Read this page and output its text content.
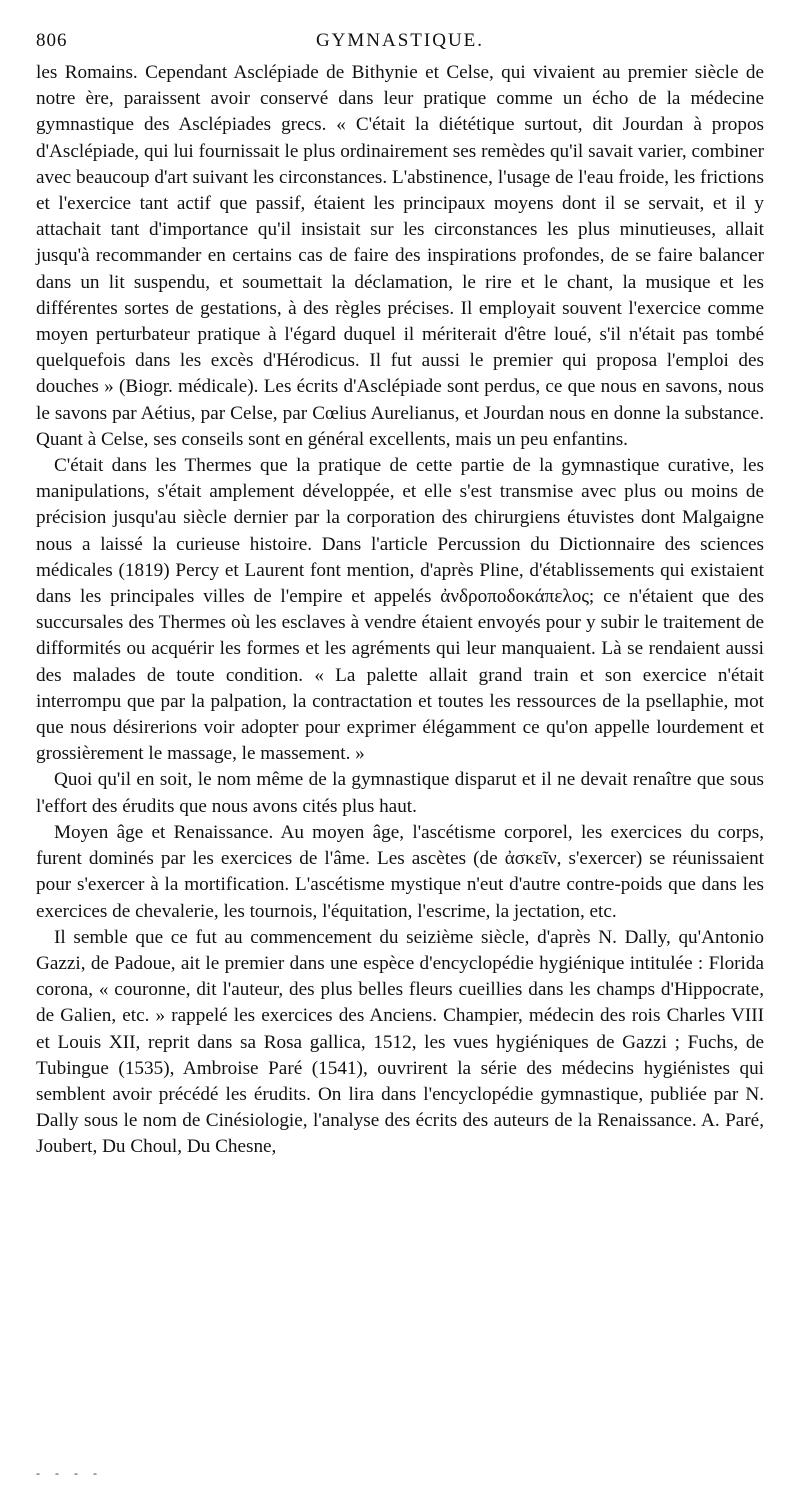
806	GYMNASTIQUE.

les Romains. Cependant Asclépiade de Bithynie et Celse, qui vivaient au premier siècle de notre ère, paraissent avoir conservé dans leur pratique comme un écho de la médecine gymnastique des Asclépiades grecs. « C'était la diététique surtout, dit Jourdan à propos d'Asclépiade, qui lui fournissait le plus ordinairement ses remèdes qu'il savait varier, combiner avec beaucoup d'art suivant les circonstances. L'abstinence, l'usage de l'eau froide, les frictions et l'exercice tant actif que passif, étaient les principaux moyens dont il se servait, et il y attachait tant d'importance qu'il insistait sur les circonstances les plus minutieuses, allait jusqu'à recommander en certains cas de faire des inspirations profondes, de se faire balancer dans un lit suspendu, et soumettait la déclamation, le rire et le chant, la musique et les différentes sortes de gestations, à des règles précises. Il employait souvent l'exercice comme moyen perturbateur pratique à l'égard duquel il mériterait d'être loué, s'il n'était pas tombé quelquefois dans les excès d'Hérodicus. Il fut aussi le premier qui proposa l'emploi des douches » (Biogr. médicale). Les écrits d'Asclépiade sont perdus, ce que nous en savons, nous le savons par Aétius, par Celse, par Cœlius Aurelianus, et Jourdan nous en donne la substance. Quant à Celse, ses conseils sont en général excellents, mais un peu enfantins.

C'était dans les Thermes que la pratique de cette partie de la gymnastique curative, les manipulations, s'était amplement développée, et elle s'est transmise avec plus ou moins de précision jusqu'au siècle dernier par la corporation des chirurgiens étuvistes dont Malgaigne nous a laissé la curieuse histoire. Dans l'article Percussion du Dictionnaire des sciences médicales (1819) Percy et Laurent font mention, d'après Pline, d'établissements qui existaient dans les principales villes de l'empire et appelés ἀνδροποδοκάπελος; ce n'étaient que des succursales des Thermes où les esclaves à vendre étaient envoyés pour y subir le traitement de difformités ou acquérir les formes et les agréments qui leur manquaient. Là se rendaient aussi des malades de toute condition. « La palette allait grand train et son exercice n'était interrompu que par la palpation, la contractation et toutes les ressources de la psellaphie, mot que nous désirerions voir adopter pour exprimer élégamment ce qu'on appelle lourdement et grossièrement le massage, le massement. »

Quoi qu'il en soit, le nom même de la gymnastique disparut et il ne devait renaître que sous l'effort des érudits que nous avons cités plus haut.

Moyen âge et Renaissance. Au moyen âge, l'ascétisme corporel, les exercices du corps, furent dominés par les exercices de l'âme. Les ascètes (de ἀσκεῖν, s'exercer) se réunissaient pour s'exercer à la mortification. L'ascétisme mystique n'eut d'autre contre-poids que dans les exercices de chevalerie, les tournois, l'équitation, l'escrime, la jectation, etc.

Il semble que ce fut au commencement du seizième siècle, d'après N. Dally, qu'Antonio Gazzi, de Padoue, ait le premier dans une espèce d'encyclopédie hygiénique intitulée : Florida corona, « couronne, dit l'auteur, des plus belles fleurs cueillies dans les champs d'Hippocrate, de Galien, etc. » rappelé les exercices des Anciens. Champier, médecin des rois Charles VIII et Louis XII, reprit dans sa Rosa gallica, 1512, les vues hygiéniques de Gazzi ; Fuchs, de Tubingue (1535), Ambroise Paré (1541), ouvrirent la série des médecins hygiénistes qui semblent avoir précédé les érudits. On lira dans l'encyclopédie gymnastique, publiée par N. Dally sous le nom de Cinésiologie, l'analyse des écrits des auteurs de la Renaissance. A. Paré, Joubert, Du Choul, Du Chesne,

- - - -
